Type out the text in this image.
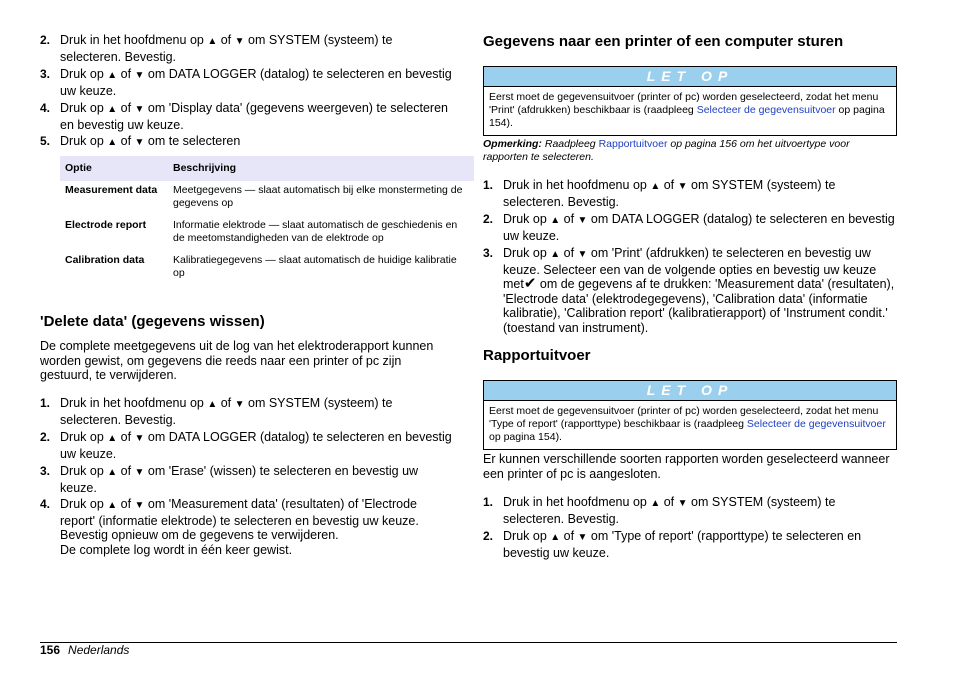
2. Druk in het hoofdmenu op ▲ of ▼ om SYSTEM (systeem) te selecteren. Bevestig.
3. Druk op ▲ of ▼ om DATA LOGGER (datalog) te selecteren en bevestig uw keuze.
4. Druk op ▲ of ▼ om 'Display data' (gegevens weergeven) te selecteren en bevestig uw keuze.
5. Druk op ▲ of ▼ om te selecteren
Optie	Beschrijving
Measurement data	Meetgegevens — slaat automatisch bij elke monstermeting de gegevens op
Electrode report	Informatie elektrode — slaat automatisch de geschiedenis en de meetomstandigheden van de elektrode op
Calibration data	Kalibratiegegevens — slaat automatisch de huidige kalibratie op
'Delete data' (gegevens wissen)
De complete meetgegevens uit de log van het elektroderapport kunnen worden gewist, om gegevens die reeds naar een printer of pc zijn gestuurd, te verwijderen.
1. Druk in het hoofdmenu op ▲ of ▼ om SYSTEM (systeem) te selecteren. Bevestig.
2. Druk op ▲ of ▼ om DATA LOGGER (datalog) te selecteren en bevestig uw keuze.
3. Druk op ▲ of ▼ om 'Erase' (wissen) te selecteren en bevestig uw keuze.
4. Druk op ▲ of ▼ om 'Measurement data' (resultaten) of 'Electrode report' (informatie elektrode) te selecteren en bevestig uw keuze. Bevestig opnieuw om de gegevens te verwijderen.
De complete log wordt in één keer gewist.
Gegevens naar een printer of een computer sturen
LET OP
Eerst moet de gegevensuitvoer (printer of pc) worden geselecteerd, zodat het menu 'Print' (afdrukken) beschikbaar is (raadpleeg Selecteer de gegevensuitvoer op pagina 154).
Opmerking: Raadpleeg Rapportuitvoer op pagina 156 om het uitvoertype voor rapporten te selecteren.
1. Druk in het hoofdmenu op ▲ of ▼ om SYSTEM (systeem) te selecteren. Bevestig.
2. Druk op ▲ of ▼ om DATA LOGGER (datalog) te selecteren en bevestig uw keuze.
3. Druk op ▲ of ▼ om 'Print' (afdrukken) te selecteren en bevestig uw keuze. Selecteer een van de volgende opties en bevestig uw keuze met✔ om de gegevens af te drukken: 'Measurement data' (resultaten), 'Electrode data' (elektrodegegevens), 'Calibration data' (informatie kalibratie), 'Calibration report' (kalibratierapport) of 'Instrument condit.' (toestand van instrument).
Rapportuitvoer
LET OP
Eerst moet de gegevensuitvoer (printer of pc) worden geselecteerd, zodat het menu 'Type of report' (rapporttype) beschikbaar is (raadpleeg Selecteer de gegevensuitvoer op pagina 154).
Er kunnen verschillende soorten rapporten worden geselecteerd wanneer een printer of pc is aangesloten.
1. Druk in het hoofdmenu op ▲ of ▼ om SYSTEM (systeem) te selecteren. Bevestig.
2. Druk op ▲ of ▼ om 'Type of report' (rapporttype) te selecteren en bevestig uw keuze.
156 Nederlands
